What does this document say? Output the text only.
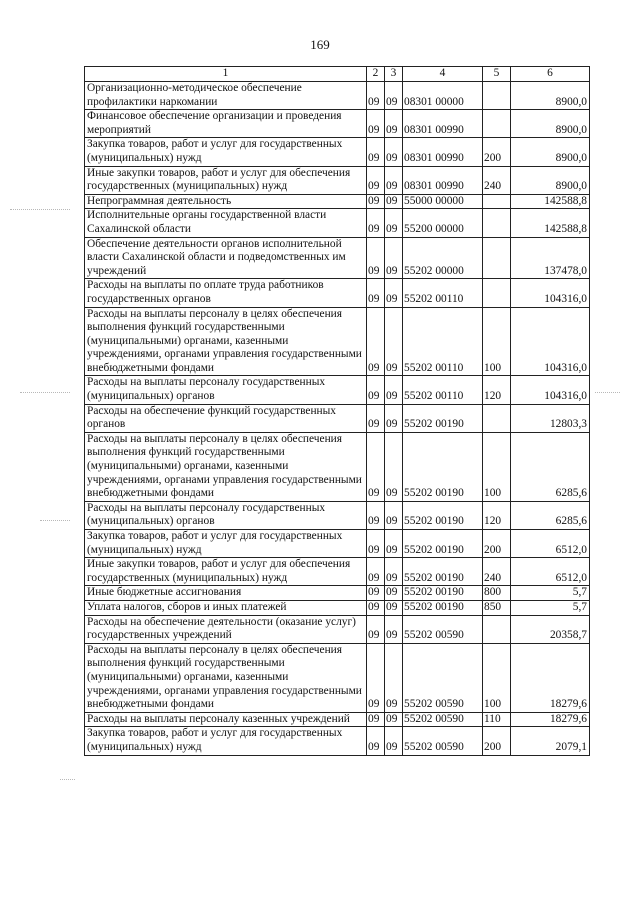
169
1	2	3	4	5	6
Организационно-методическое обеспечение профилактики наркомании	09	09	08301 00000		8900,0
Финансовое обеспечение организации и проведения мероприятий	09	09	08301 00990		8900,0
Закупка товаров, работ и услуг для государственных (муниципальных) нужд	09	09	08301 00990	200	8900,0
Иные закупки товаров, работ и услуг для обеспечения государственных (муниципальных) нужд	09	09	08301 00990	240	8900,0
Непрограммная деятельность	09	09	55000 00000		142588,8
Исполнительные органы государственной власти Сахалинской области	09	09	55200 00000		142588,8
Обеспечение деятельности органов исполнительной власти Сахалинской области и подведомственных им учреждений	09	09	55202 00000		137478,0
Расходы на выплаты по оплате труда работников государственных органов	09	09	55202 00110		104316,0
Расходы на выплаты персоналу в целях обеспечения выполнения функций государственными (муниципальными) органами, казенными учреждениями, органами управления государственными внебюджетными фондами	09	09	55202 00110	100	104316,0
Расходы на выплаты персоналу государственных (муниципальных) органов	09	09	55202 00110	120	104316,0
Расходы на обеспечение функций государственных органов	09	09	55202 00190		12803,3
Расходы на выплаты персоналу в целях обеспечения выполнения функций государственными (муниципальными) органами, казенными учреждениями, органами управления государственными внебюджетными фондами	09	09	55202 00190	100	6285,6
Расходы на выплаты персоналу государственных (муниципальных) органов	09	09	55202 00190	120	6285,6
Закупка товаров, работ и услуг для государственных (муниципальных) нужд	09	09	55202 00190	200	6512,0
Иные закупки товаров, работ и услуг для обеспечения государственных (муниципальных) нужд	09	09	55202 00190	240	6512,0
Иные бюджетные ассигнования	09	09	55202 00190	800	5,7
Уплата налогов, сборов и иных платежей	09	09	55202 00190	850	5,7
Расходы на обеспечение деятельности (оказание услуг) государственных учреждений	09	09	55202 00590		20358,7
Расходы на выплаты персоналу в целях обеспечения выполнения функций государственными (муниципальными) органами, казенными учреждениями, органами управления государственными внебюджетными фондами	09	09	55202 00590	100	18279,6
Расходы на выплаты персоналу казенных учреждений	09	09	55202 00590	110	18279,6
Закупка товаров, работ и услуг для государственных (муниципальных) нужд	09	09	55202 00590	200	2079,1
